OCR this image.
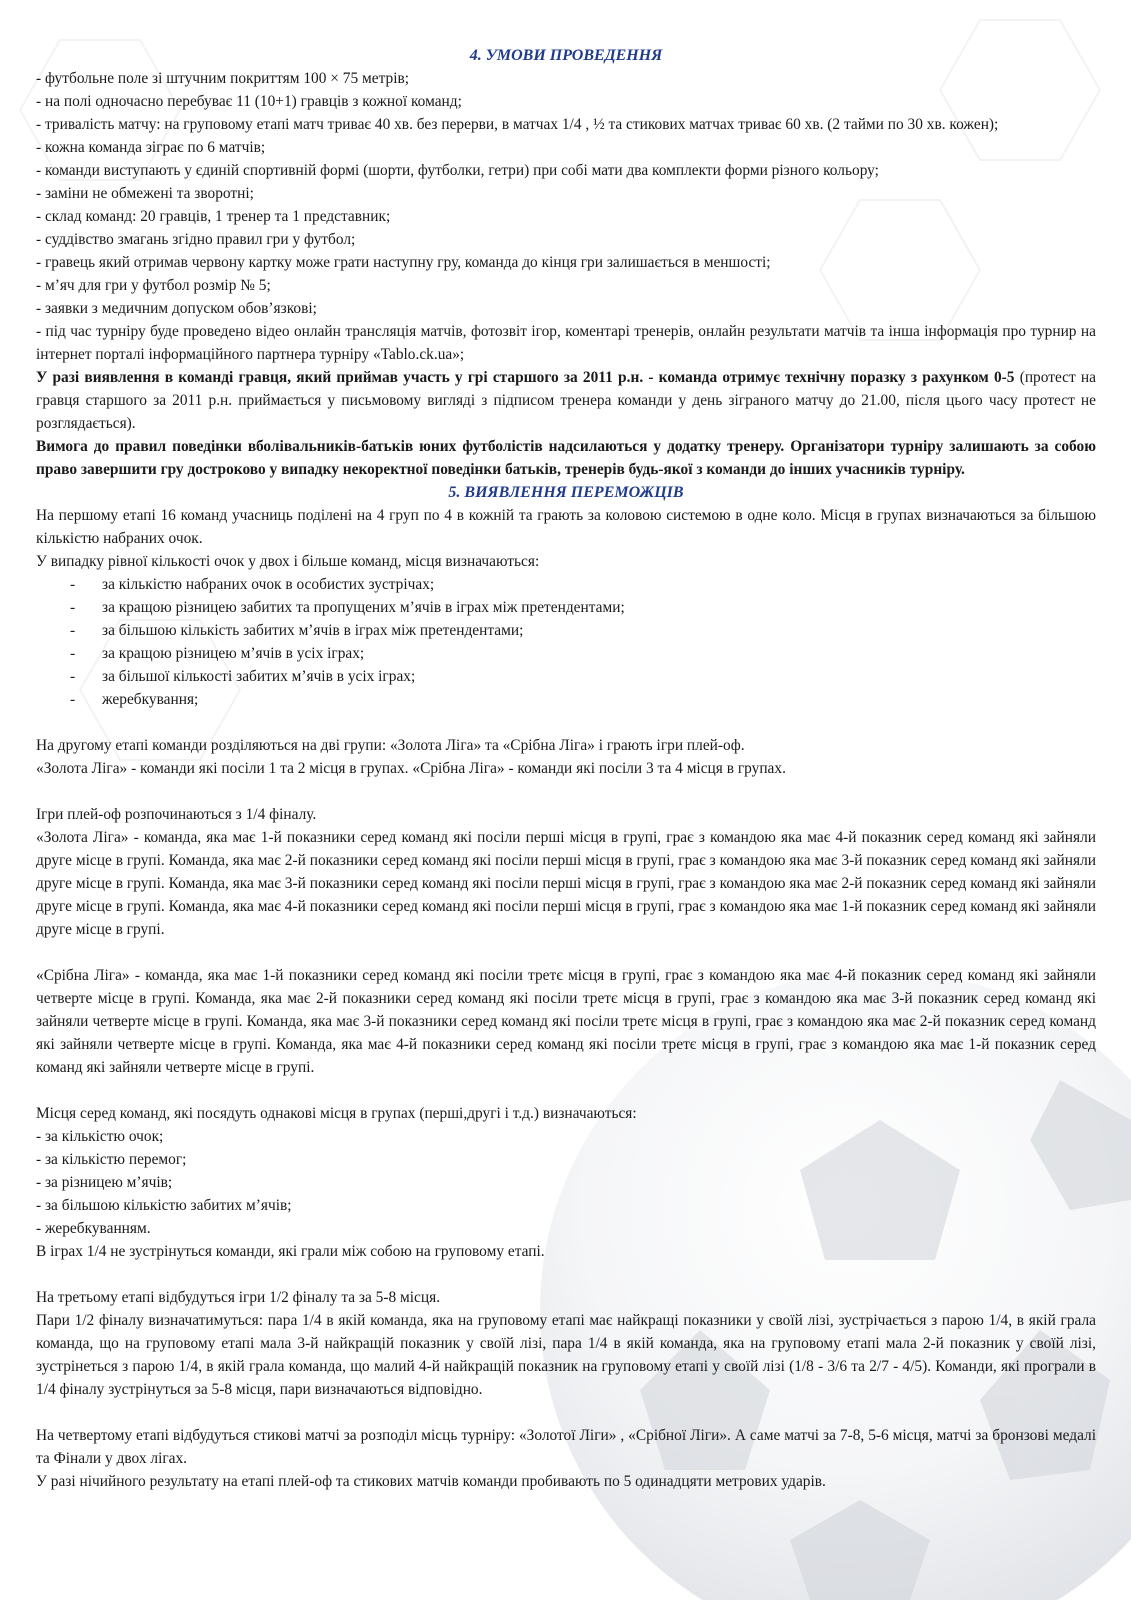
4. УМОВИ ПРОВЕДЕННЯ

- футбольне поле зі штучним покриттям 100 × 75 метрів;

- на полі одночасно перебуває 11 (10+1) гравців з кожної команд;

- тривалість матчу: на груповому етапі матч триває 40 хв. без перерви, в матчах 1/4 , ½ та стикових матчах триває 60 хв. (2 тайми по 30 хв. кожен);

- кожна команда зіграє по 6 матчів;

- команди виступають у єдиній спортивній формі (шорти, футболки, гетри) при собі мати два комплекти форми різного кольору;

- заміни не обмежені та зворотні;

- склад команд: 20 гравців, 1 тренер та 1 представник;

- суддівство змагань згідно правил гри у футбол;

- гравець який отримав червону картку може грати наступну гру, команда до кінця гри залишається в меншості;

- м’яч для гри у футбол розмір № 5;

- заявки з медичним допуском обов’язкові;

- під час турніру буде проведено відео онлайн трансляція матчів, фотозвіт ігор, коментарі тренерів, онлайн результати матчів та інша інформація про турнир на інтернет порталі інформаційного партнера турніру «Tablo.ck.ua»;

У разі виявлення в команді гравця, який приймав участь у грі старшого за 2011 р.н. - команда отримує технічну поразку з рахунком 0-5 (протест на гравця старшого за 2011 р.н. приймається у письмовому вигляді з підписом тренера команди у день зіграного матчу до 21.00, після цього часу протест не розглядається).

Вимога до правил поведінки вболівальників-батьків юних футболістів надсилаються у додатку тренеру. Організатори турніру залишають за собою право завершити гру достроково у випадку некоректної поведінки батьків, тренерів будь-якої з команди до інших учасників турніру.

5. ВИЯВЛЕННЯ ПЕРЕМОЖЦІВ

На першому етапі 16 команд учасниць поділені на 4 груп по 4 в кожній та грають за коловою системою в одне коло. Місця в групах визначаються за більшою кількістю набраних очок.

У випадку рівної кількості очок у двох і більше команд, місця визначаються:

- за кількістю набраних очок в особистих зустрічах;
- за кращою різницею забитих та пропущених м’ячів в іграх між претендентами;
- за більшою кількість забитих м’ячів в іграх між претендентами;
- за кращою різницею м’ячів в усіх іграх;
- за більшої кількості забитих м’ячів в усіх іграх;
- жеребкування;

На другому етапі команди розділяються на дві групи: «Золота Ліга» та «Срібна Ліга» і грають ігри плей-оф.

«Золота Ліга» - команди які посіли 1 та 2 місця в групах. «Срібна Ліга» - команди які посіли 3 та 4 місця в групах.

Ігри плей-оф розпочинаються з 1/4 фіналу.

«Золота Ліга» - команда, яка має 1-й показники серед команд які посіли перші місця в групі, грає з командою яка має 4-й показник серед команд які зайняли друге місце в групі. Команда, яка має 2-й показники серед команд які посіли перші місця в групі, грає з командою яка має 3-й показник серед команд які зайняли друге місце в групі. Команда, яка має 3-й показники серед команд які посіли перші місця в групі, грає з командою яка має 2-й показник серед команд які зайняли друге місце в групі. Команда, яка має 4-й показники серед команд які посіли перші місця в групі, грає з командою яка має 1-й показник серед команд які зайняли друге місце в групі.

«Срібна Ліга» - команда, яка має 1-й показники серед команд які посіли третє місця в групі, грає з командою яка має 4-й показник серед команд які зайняли четверте місце в групі. Команда, яка має 2-й показники серед команд які посіли третє місця в групі, грає з командою яка має 3-й показник серед команд які зайняли четверте місце в групі. Команда, яка має 3-й показники серед команд які посіли третє місця в групі, грає з командою яка має 2-й показник серед команд які зайняли четверте місце в групі. Команда, яка має 4-й показники серед команд які посіли третє місця в групі, грає з командою яка має 1-й показник серед команд які зайняли четверте місце в групі.

Місця серед команд, які посядуть однакові місця в групах (перші,другі і т.д.) визначаються:

- за кількістю очок;

- за кількістю перемог;

- за різницею м’ячів;

- за більшою кількістю забитих м’ячів;

- жеребкуванням.

В іграх 1/4 не зустрінуться команди, які грали між собою на груповому етапі.

На третьому етапі відбудуться ігри 1/2 фіналу та за 5-8 місця.

Пари 1/2 фіналу визначатимуться: пара 1/4 в якій команда, яка на груповому етапі має найкращі показники у своїй лізі, зустрічається з парою 1/4, в якій грала команда, що на груповому етапі мала 3-й найкращій показник у своїй лізі, пара 1/4 в якій команда, яка на груповому етапі мала 2-й показник у своїй лізі, зустрінеться з парою 1/4, в якій грала команда, що малий 4-й найкращій показник на груповому етапі у своїй лізі (1/8 - 3/6 та 2/7 - 4/5). Команди, які програли в 1/4 фіналу зустрінуться за 5-8 місця, пари визначаються відповідно.

На четвертому етапі відбудуться стикові матчі за розподіл місць турніру: «Золотої Ліги» , «Срібної Ліги». А саме матчі за 7-8, 5-6 місця, матчі за бронзові медалі та Фінали у двох лігах.

У разі нічийного результату на етапі плей-оф та стикових матчів команди пробивають по 5 одинадцяти метрових ударів.
